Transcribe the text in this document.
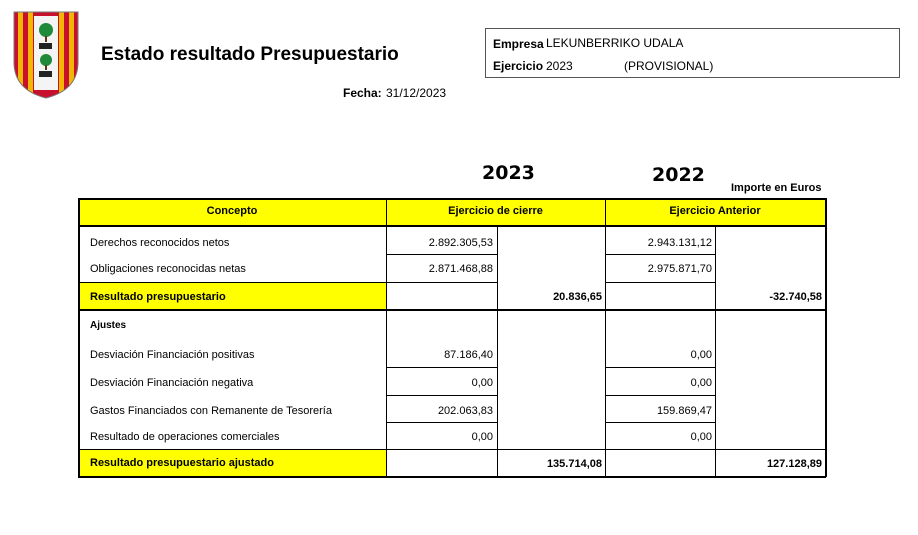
Estado resultado Presupuestario
Fecha: 31/12/2023
Empresa LEKUNBERRIKO UDALA
Ejercicio 2023	(PROVISIONAL)
2023	2022
Importe en Euros
Concepto	Ejercicio de cierre	Ejercicio Anterior
Derechos reconocidos netos	2.892.305,53	2.943.131,12
Obligaciones reconocidas netas	2.871.468,88	2.975.871,70
Resultado presupuestario	20.836,65	-32.740,58
Ajustes
Desviación Financiación positivas	87.186,40	0,00
Desviación Financiación negativa	0,00	0,00
Gastos Financiados con Remanente de Tesorería	202.063,83	159.869,47
Resultado de operaciones comerciales	0,00	0,00
Resultado presupuestario ajustado	135.714,08	127.128,89
